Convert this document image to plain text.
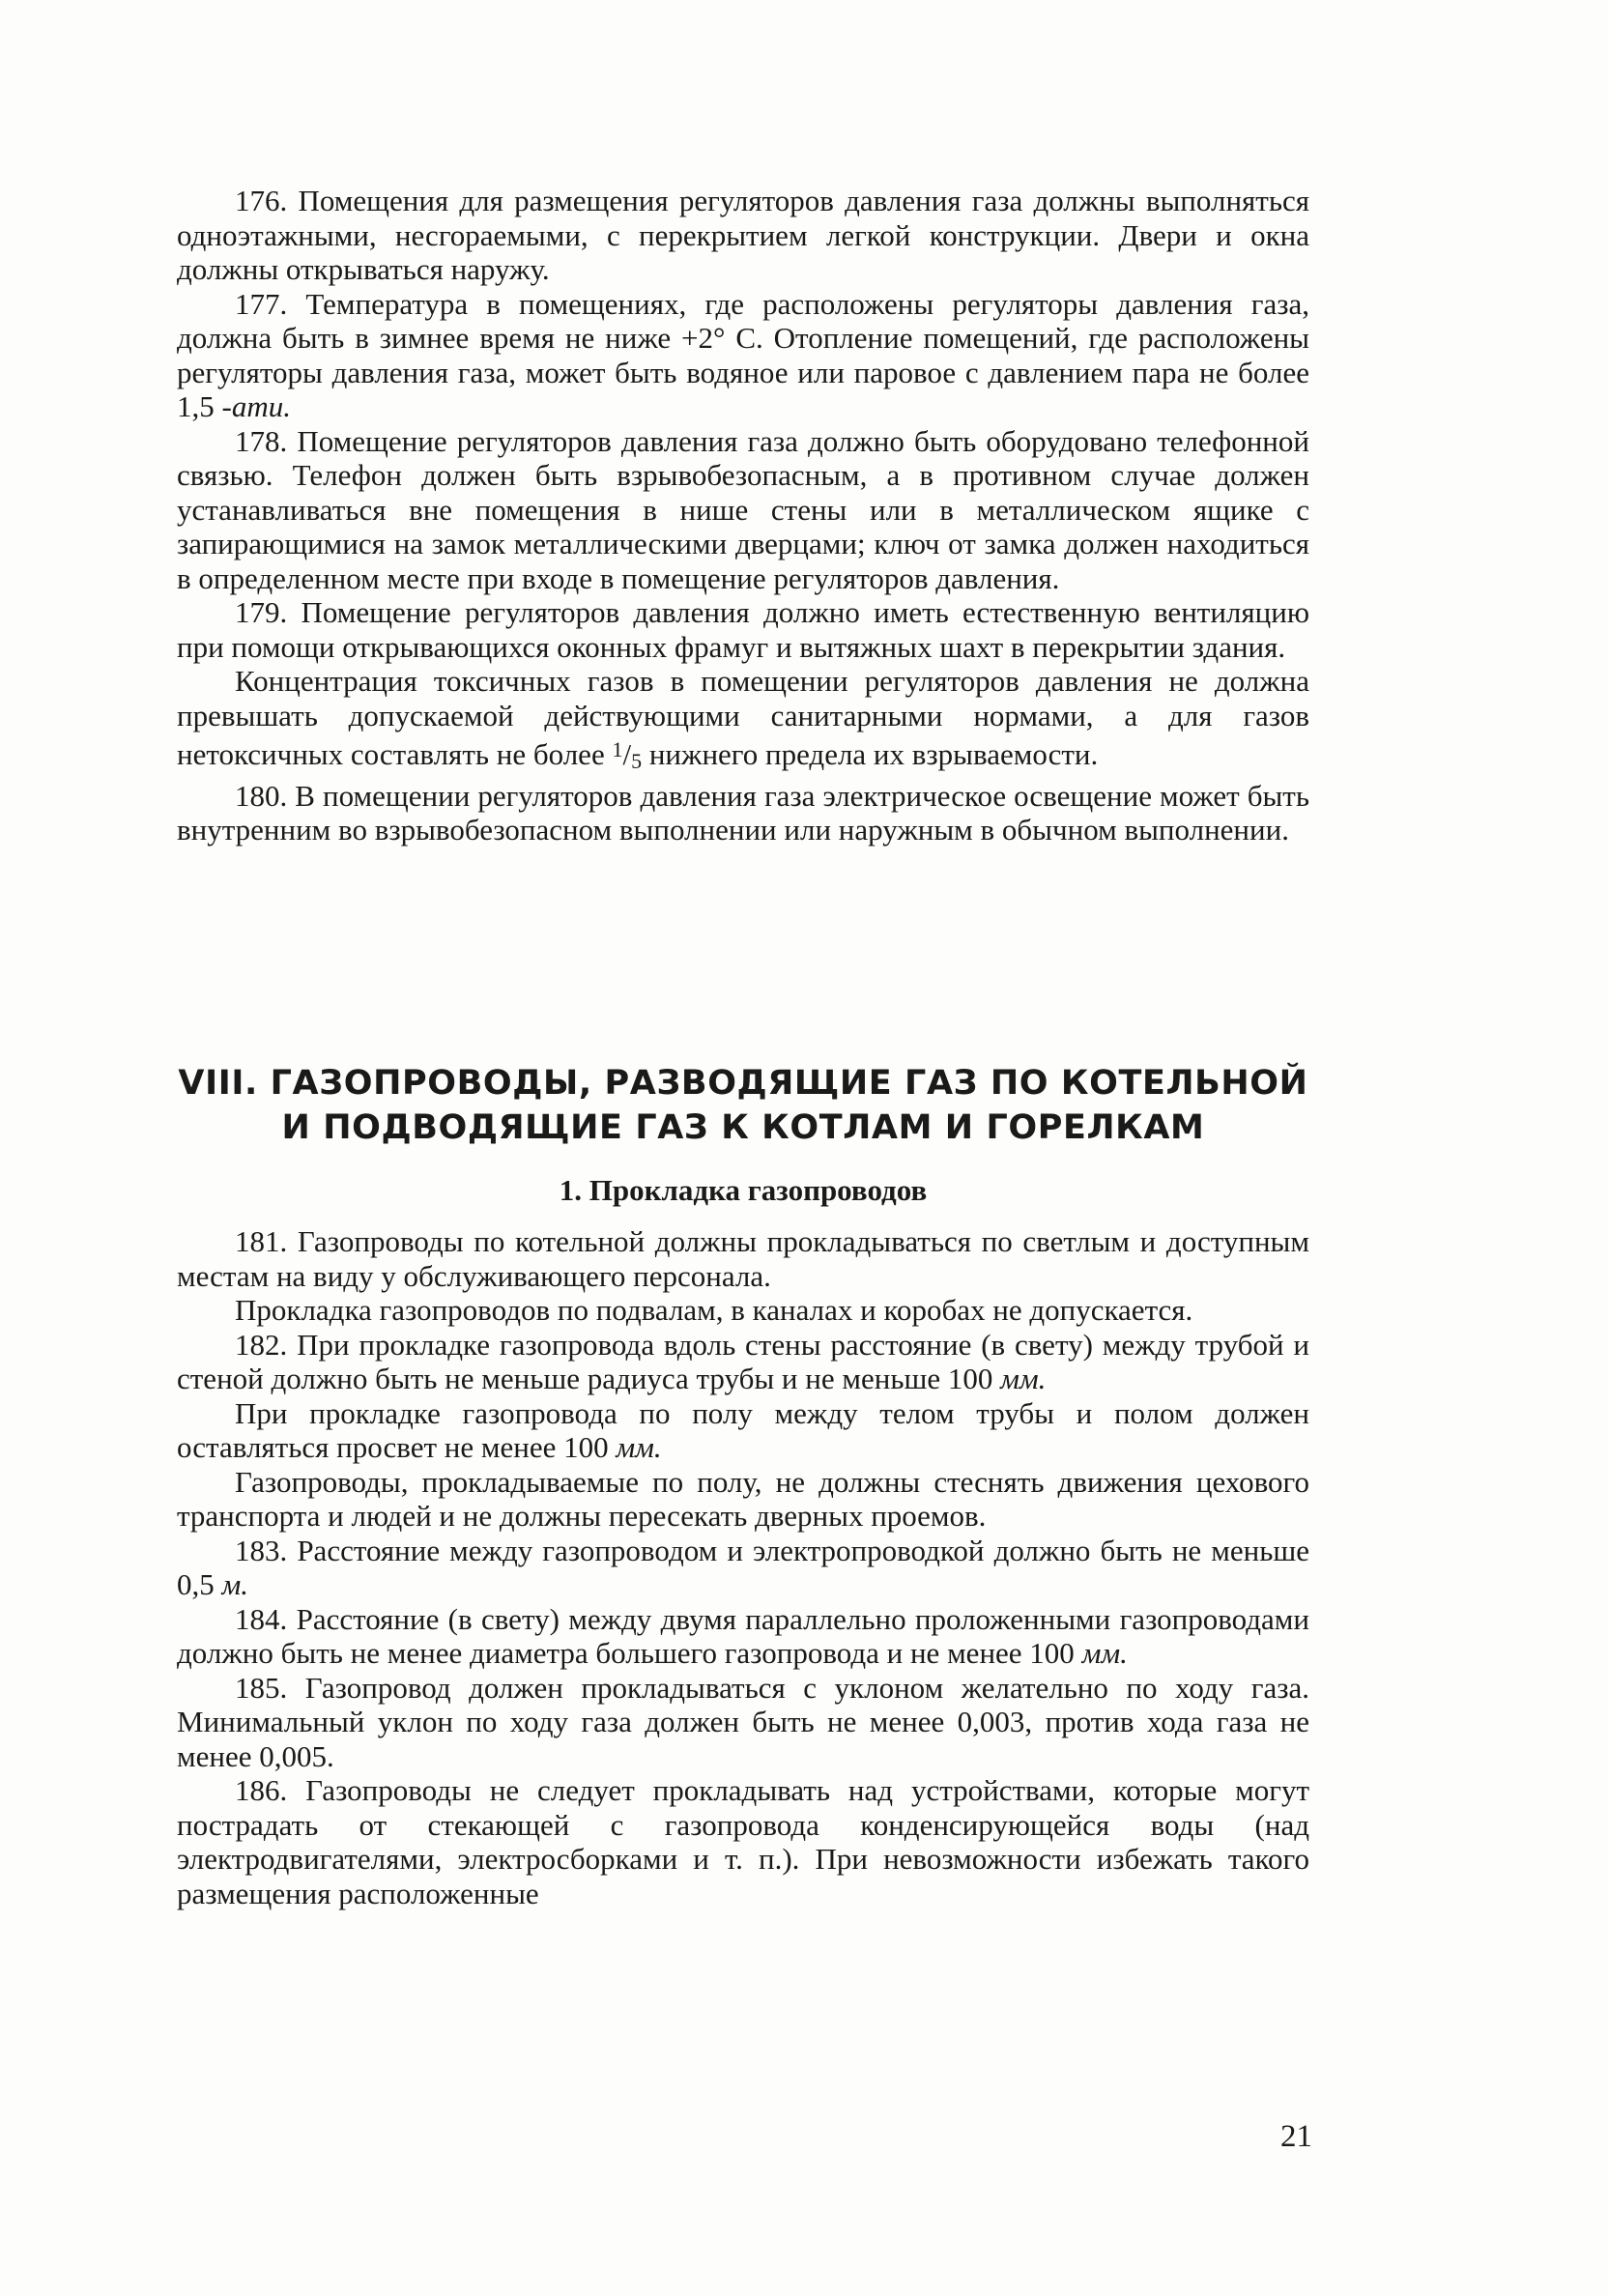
176. Помещения для размещения регуляторов давления газа должны выполняться одноэтажными, несгораемыми, с перекрытием легкой конструкции. Двери и окна должны открываться наружу.

177. Температура в помещениях, где расположены регуляторы давления газа, должна быть в зимнее время не ниже +2° С. Отопление помещений, где расположены регуляторы давления газа, может быть водяное или паровое с давлением пара не более 1,5 -ати.

178. Помещение регуляторов давления газа должно быть оборудовано телефонной связью. Телефон должен быть взрывобезопасным, а в противном случае должен устанавливаться вне помещения в нише стены или в металлическом ящике с запирающимися на замок металлическими дверцами; ключ от замка должен находиться в определенном месте при входе в помещение регуляторов давления.

179. Помещение регуляторов давления должно иметь естественную вентиляцию при помощи открывающихся оконных фрамуг и вытяжных шахт в перекрытии здания.

Концентрация токсичных газов в помещении регуляторов давления не должна превышать допускаемой действующими санитарными нормами, а для газов нетоксичных составлять не более $^1$/5 нижнего предела их взрываемости.

180. В помещении регуляторов давления газа электрическое освещение может быть внутренним во взрывобезопасном выполнении или наружным в обычном выполнении.

VIII. ГАЗОПРОВОДЫ, РАЗВОДЯЩИЕ ГАЗ ПО КОТЕЛЬНОЙ
И ПОДВОДЯЩИЕ ГАЗ К КОТЛАМ И ГОРЕЛКАМ
1. Прокладка газопроводов

181. Газопроводы по котельной должны прокладываться по светлым и доступным местам на виду у обслуживающего персонала.

Прокладка газопроводов по подвалам, в каналах и коробах не допускается.

182. При прокладке газопровода вдоль стены расстояние (в свету) между трубой и стеной должно быть не меньше радиуса трубы и не меньше 100 мм.

При прокладке газопровода по полу между телом трубы и полом должен оставляться просвет не менее 100 мм.

Газопроводы, прокладываемые по полу, не должны стеснять движения цехового транспорта и людей и не должны пересекать дверных проемов.

183. Расстояние между газопроводом и электропроводкой должно быть не меньше 0,5 м.

184. Расстояние (в свету) между двумя параллельно проложенными газопроводами должно быть не менее диаметра большего газопровода и не менее 100 мм.

185. Газопровод должен прокладываться с уклоном желательно по ходу газа. Минимальный уклон по ходу газа должен быть не менее 0,003, против хода газа не менее 0,005.

186. Газопроводы не следует прокладывать над устройствами, которые могут пострадать от стекающей с газопровода конденсирующейся воды (над электродвигателями, электросборками и т. п.). При невозможности избежать такого размещения расположенные

21
